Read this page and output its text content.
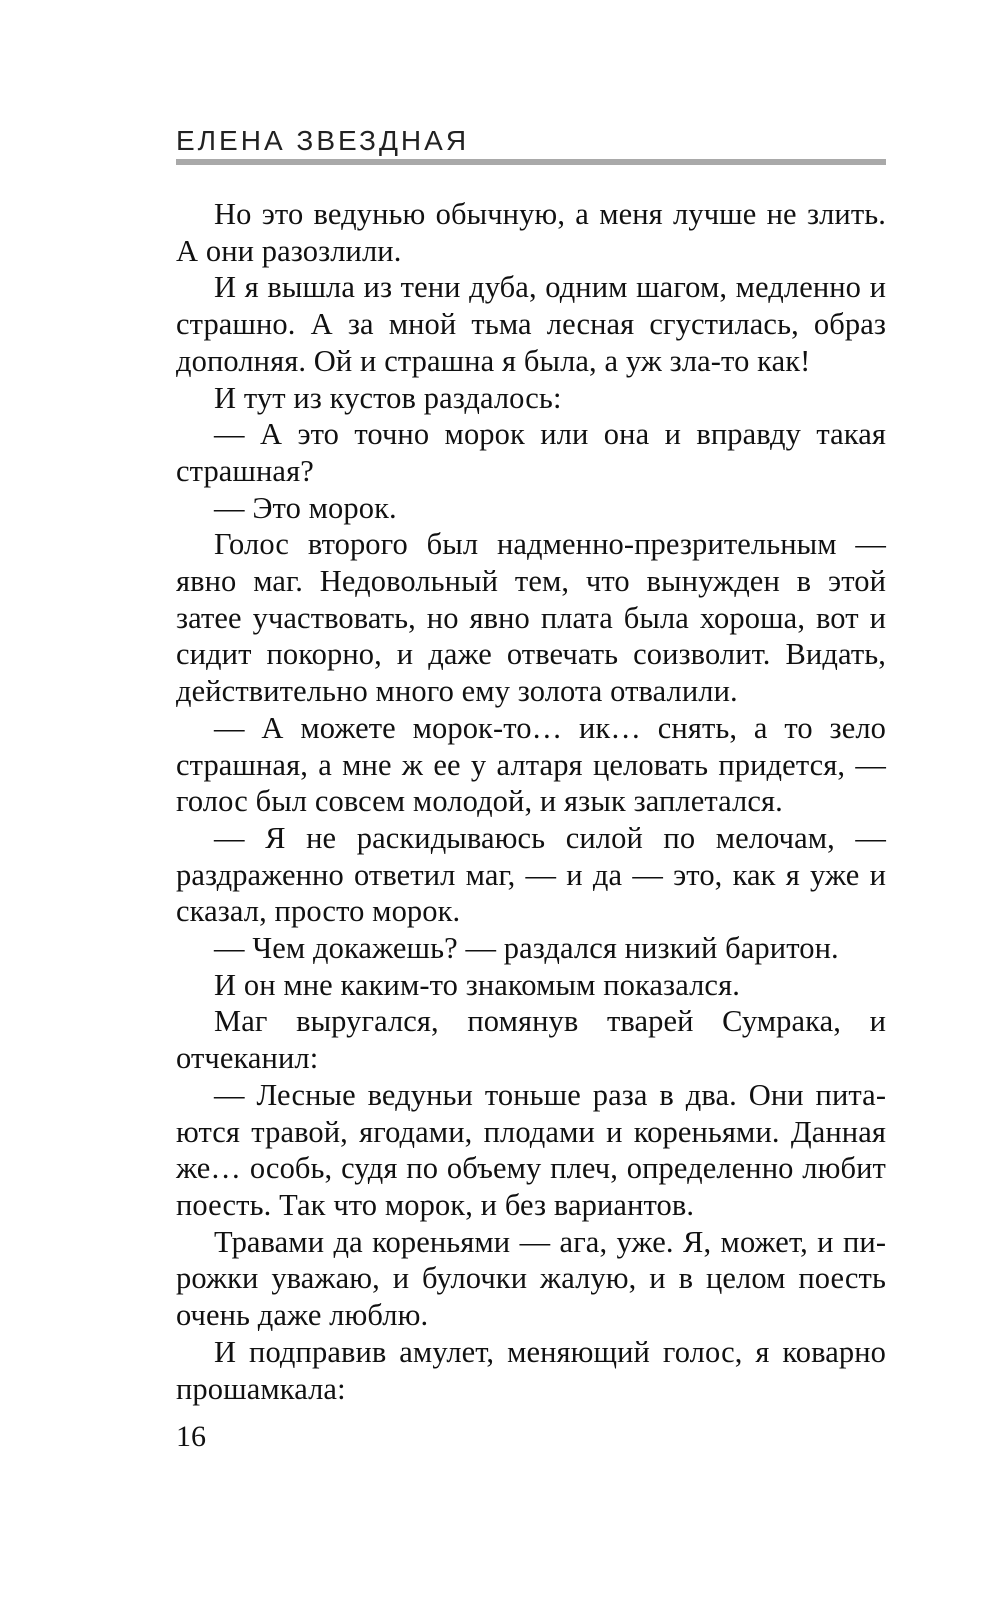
ЕЛЕНА ЗВЕЗДНАЯ

Но это ведунью обычную, а меня лучше не злить. А они разозлили.

И я вышла из тени дуба, одним шагом, медленно и страшно. А за мной тьма лесная сгустилась, образ дополняя. Ой и страшна я была, а уж зла-то как!

И тут из кустов раздалось:

— А это точно морок или она и вправду такая страшная?

— Это морок.

Голос второго был надменно-презрительным — явно маг. Недовольный тем, что вынужден в этой затее участвовать, но явно плата была хороша, вот и сидит покорно, и даже отвечать соизволит. Видать, действительно много ему золота отвалили.

— А можете морок-то… ик… снять, а то зело страшная, а мне ж ее у алтаря целовать придется, — голос был совсем молодой, и язык заплетался.

— Я не раскидываюсь силой по мелочам, — раздраженно ответил маг, — и да — это, как я уже и сказал, просто морок.

— Чем докажешь? — раздался низкий баритон.

И он мне каким-то знакомым показался.

Маг выругался, помянув тварей Сумрака, и отчеканил:

— Лесные ведуньи тоньше раза в два. Они питаются травой, ягодами, плодами и кореньями. Данная же… особь, судя по объему плеч, определенно любит поесть. Так что морок, и без вариантов.

Травами да кореньями — ага, уже. Я, может, и пирожки уважаю, и булочки жалую, и в целом поесть очень даже люблю.

И подправив амулет, меняющий голос, я коварно прошамкала:

16
